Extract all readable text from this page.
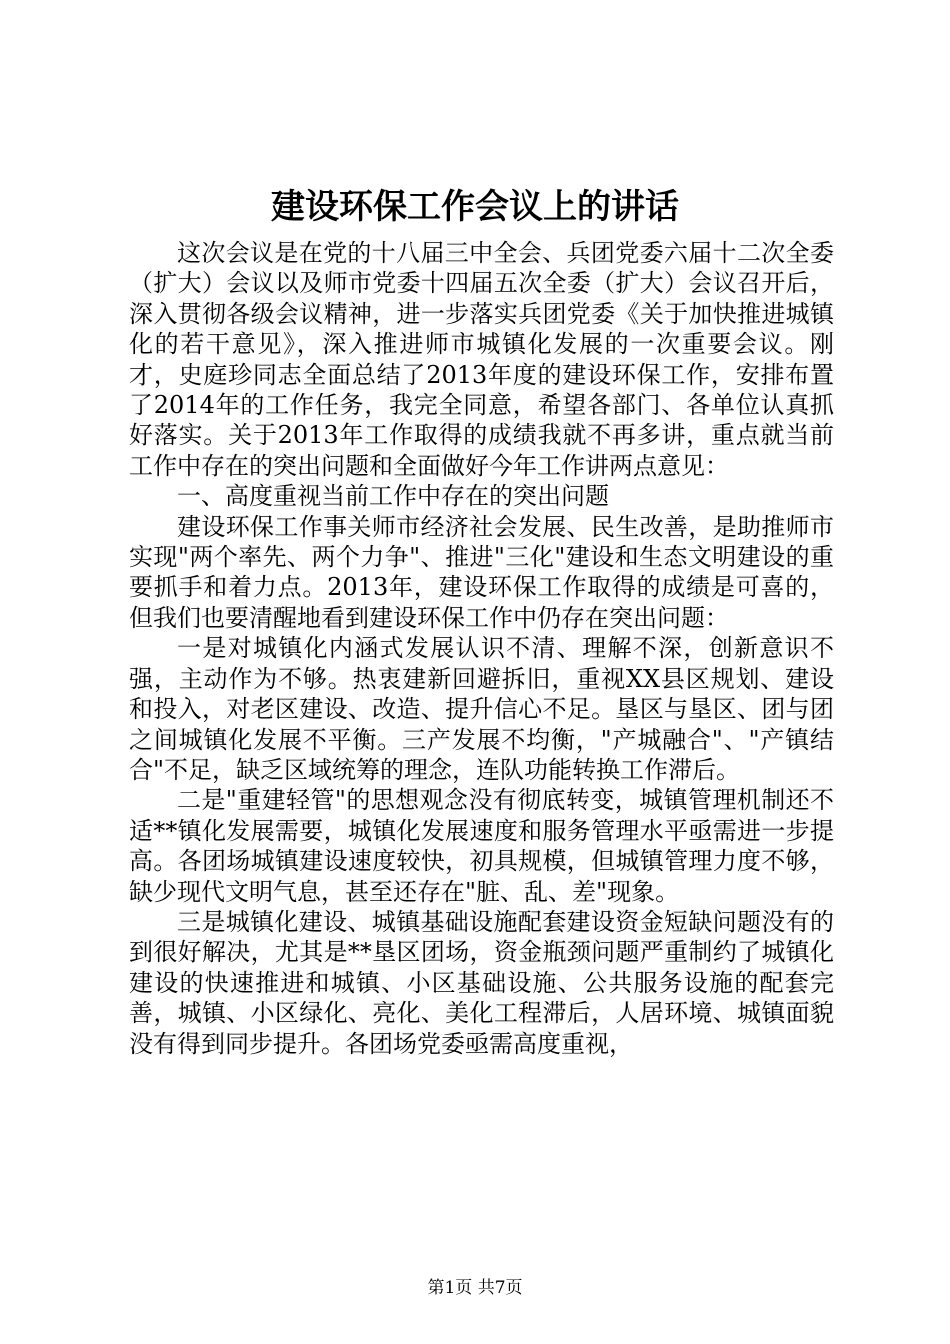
建设环保工作会议上的讲话

这次会议是在党的十八届三中全会、兵团党委六届十二次全委（扩大）会议以及师市党委十四届五次全委（扩大）会议召开后，深入贯彻各级会议精神，进一步落实兵团党委《关于加快推进城镇化的若干意见》，深入推进师市城镇化发展的一次重要会议。刚才，史庭珍同志全面总结了2013年度的建设环保工作，安排布置了2014年的工作任务，我完全同意，希望各部门、各单位认真抓好落实。关于2013年工作取得的成绩我就不再多讲，重点就当前工作中存在的突出问题和全面做好今年工作讲两点意见：

一、高度重视当前工作中存在的突出问题

建设环保工作事关师市经济社会发展、民生改善，是助推师市实现"两个率先、两个力争"、推进"三化"建设和生态文明建设的重要抓手和着力点。2013年，建设环保工作取得的成绩是可喜的，但我们也要清醒地看到建设环保工作中仍存在突出问题：

一是对城镇化内涵式发展认识不清、理解不深，创新意识不强，主动作为不够。热衷建新回避拆旧，重视XX县区规划、建设和投入，对老区建设、改造、提升信心不足。垦区与垦区、团与团之间城镇化发展不平衡。三产发展不均衡，"产城融合"、"产镇结合"不足，缺乏区域统筹的理念，连队功能转换工作滞后。

二是"重建轻管"的思想观念没有彻底转变，城镇管理机制还不适**镇化发展需要，城镇化发展速度和服务管理水平亟需进一步提高。各团场城镇建设速度较快，初具规模，但城镇管理力度不够，缺少现代文明气息，甚至还存在"脏、乱、差"现象。

三是城镇化建设、城镇基础设施配套建设资金短缺问题没有的到很好解决，尤其是**垦区团场，资金瓶颈问题严重制约了城镇化建设的快速推进和城镇、小区基础设施、公共服务设施的配套完善，城镇、小区绿化、亮化、美化工程滞后，人居环境、城镇面貌没有得到同步提升。各团场党委亟需高度重视，

第1页 共7页
